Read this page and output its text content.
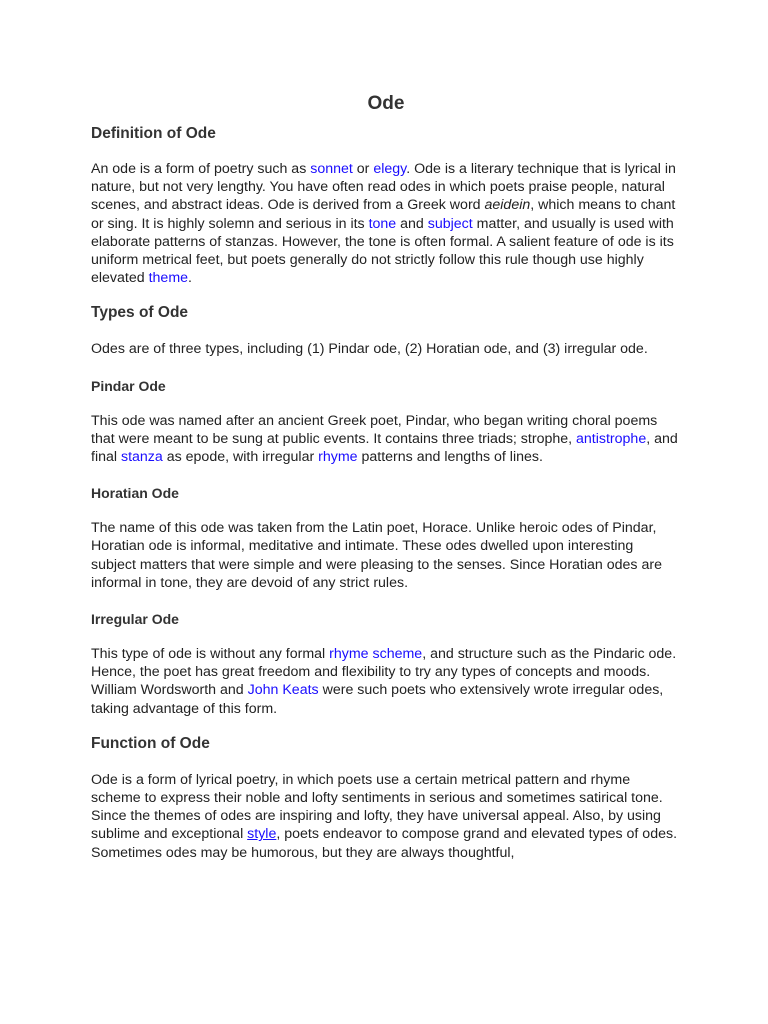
Ode
Definition of Ode

An ode is a form of poetry such as sonnet or elegy. Ode is a literary technique that is lyrical in nature, but not very lengthy. You have often read odes in which poets praise people, natural scenes, and abstract ideas. Ode is derived from a Greek word aeidein, which means to chant or sing. It is highly solemn and serious in its tone and subject matter, and usually is used with elaborate patterns of stanzas. However, the tone is often formal. A salient feature of ode is its uniform metrical feet, but poets generally do not strictly follow this rule though use highly elevated theme.

Types of Ode

Odes are of three types, including (1) Pindar ode, (2) Horatian ode, and (3) irregular ode.

Pindar Ode

This ode was named after an ancient Greek poet, Pindar, who began writing choral poems that were meant to be sung at public events. It contains three triads; strophe, antistrophe, and final stanza as epode, with irregular rhyme patterns and lengths of lines.

Horatian Ode

The name of this ode was taken from the Latin poet, Horace. Unlike heroic odes of Pindar, Horatian ode is informal, meditative and intimate. These odes dwelled upon interesting subject matters that were simple and were pleasing to the senses. Since Horatian odes are informal in tone, they are devoid of any strict rules.

Irregular Ode

This type of ode is without any formal rhyme scheme, and structure such as the Pindaric ode. Hence, the poet has great freedom and flexibility to try any types of concepts and moods. William Wordsworth and John Keats were such poets who extensively wrote irregular odes, taking advantage of this form.

Function of Ode

Ode is a form of lyrical poetry, in which poets use a certain metrical pattern and rhyme scheme to express their noble and lofty sentiments in serious and sometimes satirical tone. Since the themes of odes are inspiring and lofty, they have universal appeal. Also, by using sublime and exceptional style, poets endeavor to compose grand and elevated types of odes. Sometimes odes may be humorous, but they are always thoughtful,
